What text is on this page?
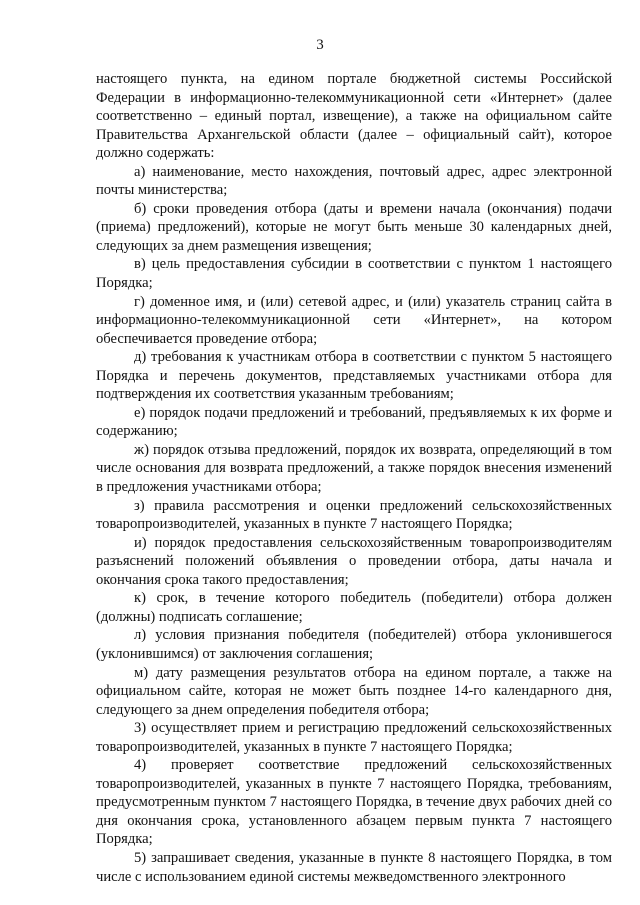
3

настоящего пункта, на едином портале бюджетной системы Российской Федерации в информационно-телекоммуникационной сети «Интернет» (далее соответственно – единый портал, извещение), а также на официальном сайте Правительства Архангельской области (далее – официальный сайт), которое должно содержать:

а) наименование, место нахождения, почтовый адрес, адрес электронной почты министерства;

б) сроки проведения отбора (даты и времени начала (окончания) подачи (приема) предложений), которые не могут быть меньше 30 календарных дней, следующих за днем размещения извещения;

в) цель предоставления субсидии в соответствии с пунктом 1 настоящего Порядка;

г) доменное имя, и (или) сетевой адрес, и (или) указатель страниц сайта в информационно-телекоммуникационной сети «Интернет», на котором обеспечивается проведение отбора;

д) требования к участникам отбора в соответствии с пунктом 5 настоящего Порядка и перечень документов, представляемых участниками отбора для подтверждения их соответствия указанным требованиям;

е) порядок подачи предложений и требований, предъявляемых к их форме и содержанию;

ж) порядок отзыва предложений, порядок их возврата, определяющий в том числе основания для возврата предложений, а также порядок внесения изменений в предложения участниками отбора;

з) правила рассмотрения и оценки предложений сельскохозяйственных товаропроизводителей, указанных в пункте 7 настоящего Порядка;

и) порядок предоставления сельскохозяйственным товаропроизводителям разъяснений положений объявления о проведении отбора, даты начала и окончания срока такого предоставления;

к) срок, в течение которого победитель (победители) отбора должен (должны) подписать соглашение;

л) условия признания победителя (победителей) отбора уклонившегося (уклонившимся) от заключения соглашения;

м) дату размещения результатов отбора на едином портале, а также на официальном сайте, которая не может быть позднее 14-го календарного дня, следующего за днем определения победителя отбора;

3) осуществляет прием и регистрацию предложений сельскохозяйственных товаропроизводителей, указанных в пункте 7 настоящего Порядка;

4) проверяет соответствие предложений сельскохозяйственных товаропроизводителей, указанных в пункте 7 настоящего Порядка, требованиям, предусмотренным пунктом 7 настоящего Порядка, в течение двух рабочих дней со дня окончания срока, установленного абзацем первым пункта 7 настоящего Порядка;

5) запрашивает сведения, указанные в пункте 8 настоящего Порядка, в том числе с использованием единой системы межведомственного электронного
